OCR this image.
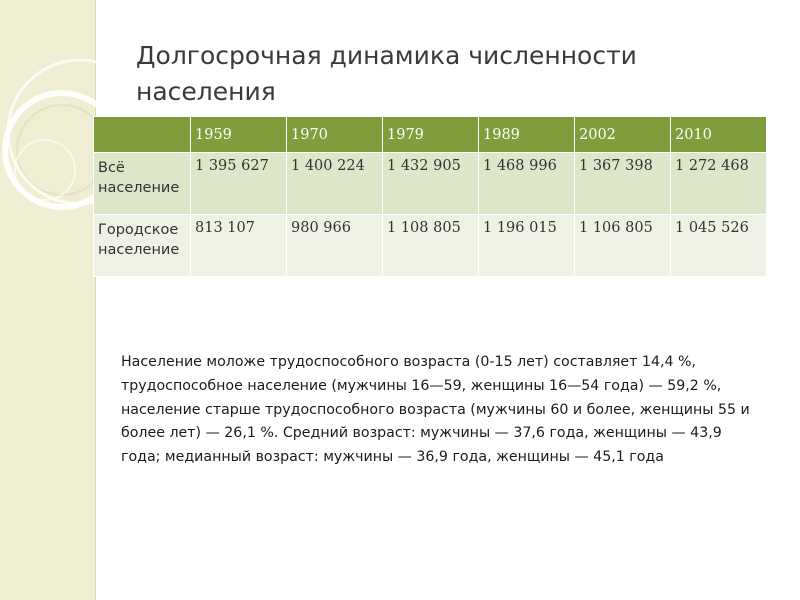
Долгосрочная динамика численности населения
	1959	1970	1979	1989	2002	2010
Всё население	1 395 627	1 400 224	1 432 905	1 468 996	1 367 398	1 272 468
Городское население	813 107	980 966	1 108 805	1 196 015	1 106 805	1 045 526

Население моложе трудоспособного возраста (0-15 лет) составляет 14,4 %, трудоспособное население (мужчины 16—59, женщины 16—54 года) — 59,2 %, население старше трудоспособного возраста (мужчины 60 и более, женщины 55 и более лет) — 26,1 %. Средний возраст: мужчины — 37,6 года, женщины — 43,9 года; медианный возраст: мужчины — 36,9 года, женщины — 45,1 года
